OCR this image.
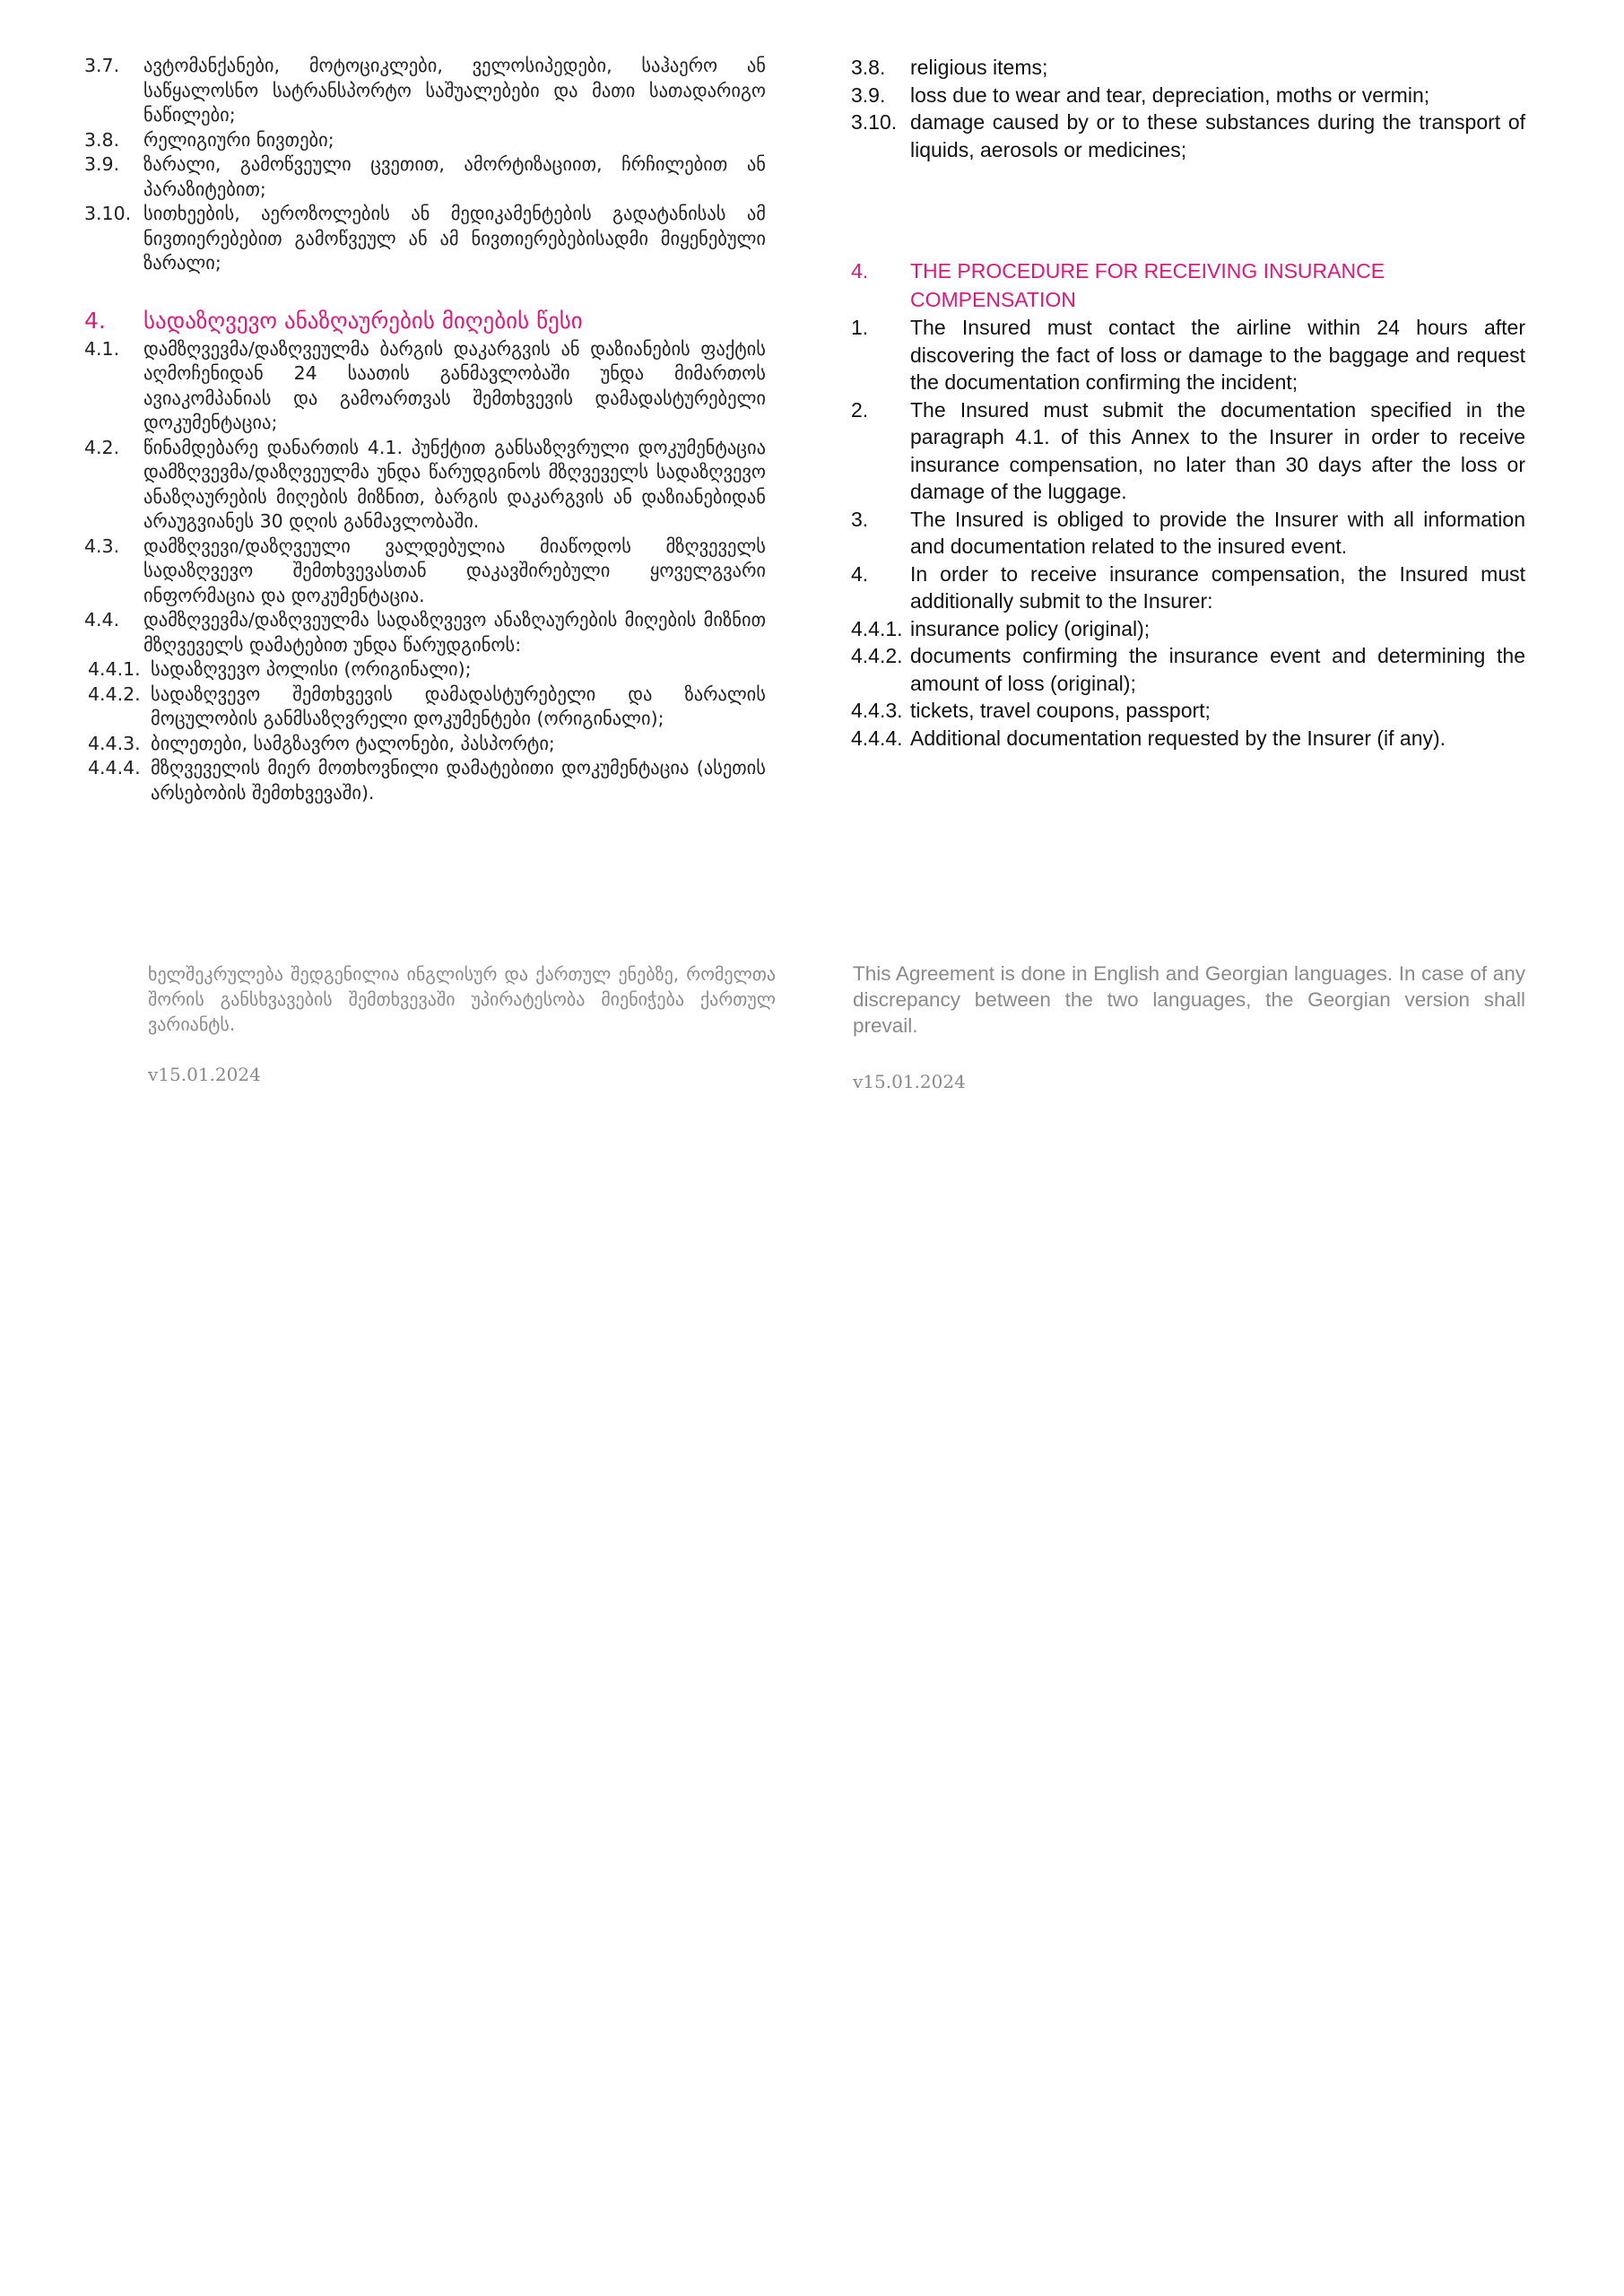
3.7.	ავტომანქანები, მოტოციკლები, ველოსიპედები, საჰაერო ან საწყალოსნო სატრანსპორტო საშუალებები და მათი სათადარიგო ნაწილები;
3.8.	რელიგიური ნივთები;
3.9.	ზარალი, გამოწვეული ცვეთით, ამორტიზაციით, ჩრჩილებით ან პარაზიტებით;
3.10. სითხეების, აეროზოლების ან მედიკამენტების გადატანისას ამ ნივთიერებებით გამოწვეულ ან ამ ნივთიერებებისადმი მიყენებული ზარალი;
4.	სადაზღვევო ანაზღაურების მიღების წესი
4.1.	დამზღვევმა/დაზღვეულმა ბარგის დაკარგვის ან დაზიანების ფაქტის აღმოჩენიდან 24 საათის განმავლობაში უნდა მიმართოს ავიაკომპანიას და გამოართვას შემთხვევის დამადასტურებელი დოკუმენტაცია;
4.2.	წინამდებარე დანართის 4.1. პუნქტით განსაზღვრული დოკუმენტაცია დამზღვევმა/დაზღვეულმა უნდა წარუდგინოს მზღვეველს სადაზღვევო ანაზღაურების მიღების მიზნით, ბარგის დაკარგვის ან დაზიანებიდან არაუგვიანეს 30 დღის განმავლობაში.
4.3.	დამზღვევი/დაზღვეული ვალდებულია მიაწოდოს მზღვეველს სადაზღვევო შემთხვევასთან დაკავშირებული ყოველგვარი ინფორმაცია და დოკუმენტაცია.
4.4.	დამზღვევმა/დაზღვეულმა სადაზღვევო ანაზღაურების მიღების მიზნით მზღვეველს დამატებით უნდა წარუდგინოს:
4.4.1. სადაზღვევო პოლისი (ორიგინალი);
4.4.2. სადაზღვევო შემთხვევის დამადასტურებელი და ზარალის მოცულობის განმსაზღვრელი დოკუმენტები (ორიგინალი);
4.4.3. ბილეთები, სამგზავრო ტალონები, პასპორტი;
4.4.4. მზღვეველის მიერ მოთხოვნილი დამატებითი დოკუმენტაცია (ასეთის არსებობის შემთხვევაში).
3.8.	religious items;
3.9.	loss due to wear and tear, depreciation, moths or vermin;
3.10. damage caused by or to these substances during the transport of liquids, aerosols or medicines;
4.	THE PROCEDURE FOR RECEIVING INSURANCE COMPENSATION
1.	The Insured must contact the airline within 24 hours after discovering the fact of loss or damage to the baggage and request the documentation confirming the incident;
2.	The Insured must submit the documentation specified in the paragraph 4.1. of this Annex to the Insurer in order to receive insurance compensation, no later than 30 days after the loss or damage of the luggage.
3.	The Insured is obliged to provide the Insurer with all information and documentation related to the insured event.
4.	In order to receive insurance compensation, the Insured must additionally submit to the Insurer:
4.4.1. insurance policy (original);
4.4.2. documents confirming the insurance event and determining the amount of loss (original);
4.4.3. tickets, travel coupons, passport;
4.4.4. Additional documentation requested by the Insurer (if any).
ხელშეკრულება შედგენილია ინგლისურ და ქართულ ენებზე, რომელთა შორის განსხვავების შემთხვევაში უპირატესობა მიენიჭება ქართულ ვარიანტს.
v15.01.2024
This Agreement is done in English and Georgian languages. In case of any discrepancy between the two languages, the Georgian version shall prevail.
v15.01.2024
